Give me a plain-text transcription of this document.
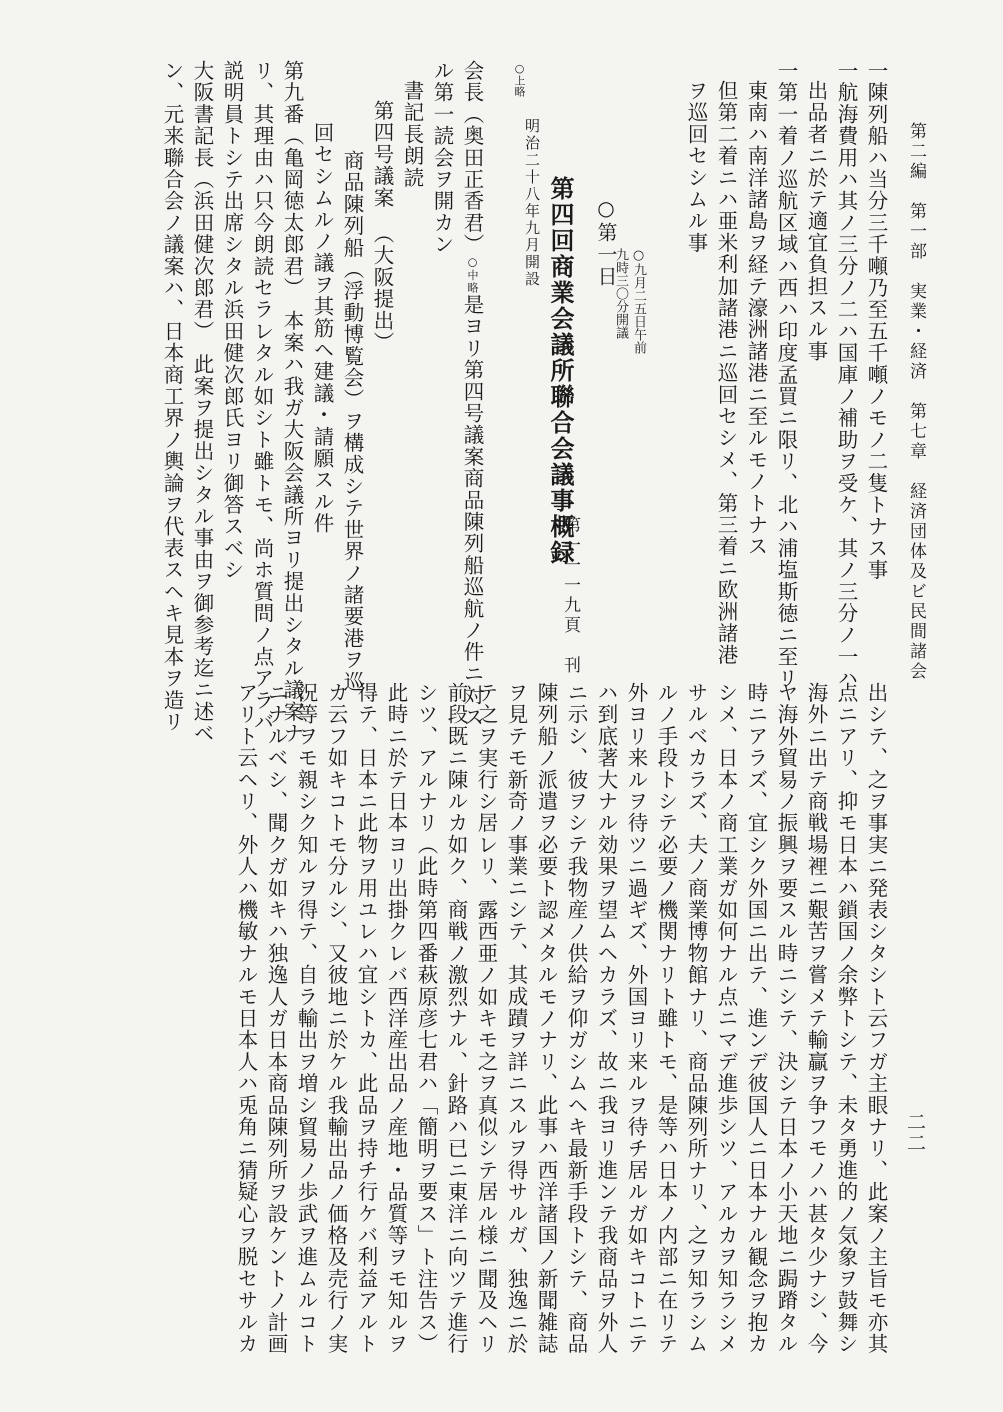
第二編　第一部　実業・経済　第七章　経済団体及ビ民間諸会
一陳列船ハ当分三千噸乃至五千噸ノモノ二隻トナス事
一航海費用ハ其ノ三分ノ二ハ国庫ノ補助ヲ受ケ、其ノ三分ノ一ハ
出品者ニ於テ適宜負担スル事
一第一着ノ巡航区域ハ西ハ印度孟買ニ限リ、北ハ浦塩斯徳ニ至リ
東南ハ南洋諸島ヲ経テ濠洲諸港ニ至ルモノトナス
但第二着ニハ亜米利加諸港ニ巡回セシメ、第三着ニ欧洲諸港
ヲ巡回セシムル事
○上略
明治二十八年九月開設 第四回商業会議所聯合会議事概録
第一一一九頁　刊
○第一日
○九月二五日午前
九時三〇分開議
会長（奥田正香君）○中略是ヨリ第四号議案商品陳列船巡航ノ件ニ対ス
ル第一読会ヲ開カン
書記長朗読
第四号議案（大阪提出）
商品陳列船（浮動博覧会）ヲ構成シテ世界ノ諸要港ヲ巡
回セシムルノ議ヲ其筋ヘ建議・請願スル件
第九番（亀岡徳太郎君）　本案ハ我ガ大阪会議所ヨリ提出シタル議案ナ
リ、其理由ハ只今朗読セラレタル如シト雖トモ、尚ホ質問ノ点アラバ
説明員トシテ出席シタル浜田健次郎氏ヨリ御答スベシ
大阪書記長（浜田健次郎君）　此案ヲ提出シタル事由ヲ御参考迄ニ述ベ
ン、元来聯合会ノ議案ハ、日本商工界ノ輿論ヲ代表スヘキ見本ヲ造リ
出シテ、之ヲ事実ニ発表シタシト云フガ主眼ナリ、此案ノ主旨モ亦其
点ニアリ、抑モ日本ハ鎖国ノ余弊トシテ、未タ勇進的ノ気象ヲ鼓舞シ
海外ニ出テ商戦場裡ニ艱苦ヲ嘗メテ輸贏ヲ争フモノハ甚タ少ナシ、今
ヤ海外貿易ノ振興ヲ要スル時ニシテ、決シテ日本ノ小天地ニ跼蹐タル
時ニアラズ、宜シク外国ニ出テ、進ンデ彼国人ニ日本ナル観念ヲ抱カ
シメ、日本ノ商工業ガ如何ナル点ニマデ進歩シツ、アルカヲ知ラシメ
サルベカラズ、夫ノ商業博物館ナリ、商品陳列所ナリ、之ヲ知ラシム
ルノ手段トシテ必要ノ機関ナリト雖トモ、是等ハ日本ノ内部ニ在リテ
外ヨリ来ルヲ待ツニ過ギズ、外国ヨリ来ルヲ待チ居ルガ如キコトニテ
ハ到底著大ナル効果ヲ望ムヘカラズ、故ニ我ヨリ進ンテ我商品ヲ外人
ニ示シ、彼ヲシテ我物産ノ供給ヲ仰ガシムヘキ最新手段トシテ、商品
陳列船ノ派遣ヲ必要ト認メタルモノナリ、此事ハ西洋諸国ノ新聞雑誌
ヲ見テモ新奇ノ事業ニシテ、其成蹟ヲ詳ニスルヲ得サルガ、独逸ニ於
テ之ヲ実行シ居レリ、露西亜ノ如キモ之ヲ真似シテ居ル様ニ聞及ヘリ
前段既ニ陳ルカ如ク、商戦ノ激烈ナル、針路ハ已ニ東洋ニ向ツテ進行
シツ、アルナリ（此時第四番萩原彦七君ハ「簡明ヲ要ス」ト注告ス）
此時ニ於テ日本ヨリ出掛クレバ西洋産出品ノ産地・品質等ヲモ知ルヲ
得テ、日本ニ此物ヲ用ユレハ宜シトカ、此品ヲ持チ行ケバ利益アルト
カ云フ如キコトモ分ルシ、又彼地ニ於ケル我輸出品ノ価格及売行ノ実
況等ヲモ親シク知ルヲ得テ、自ラ輸出ヲ増シ貿易ノ歩武ヲ進ムルコト
ニナルベシ、聞クガ如キハ独逸人ガ日本商品陳列所ヲ設ケントノ計画
アリト云ヘリ、外人ハ機敏ナルモ日本人ハ兎角ニ猜疑心ヲ脱セサルカ	二二
